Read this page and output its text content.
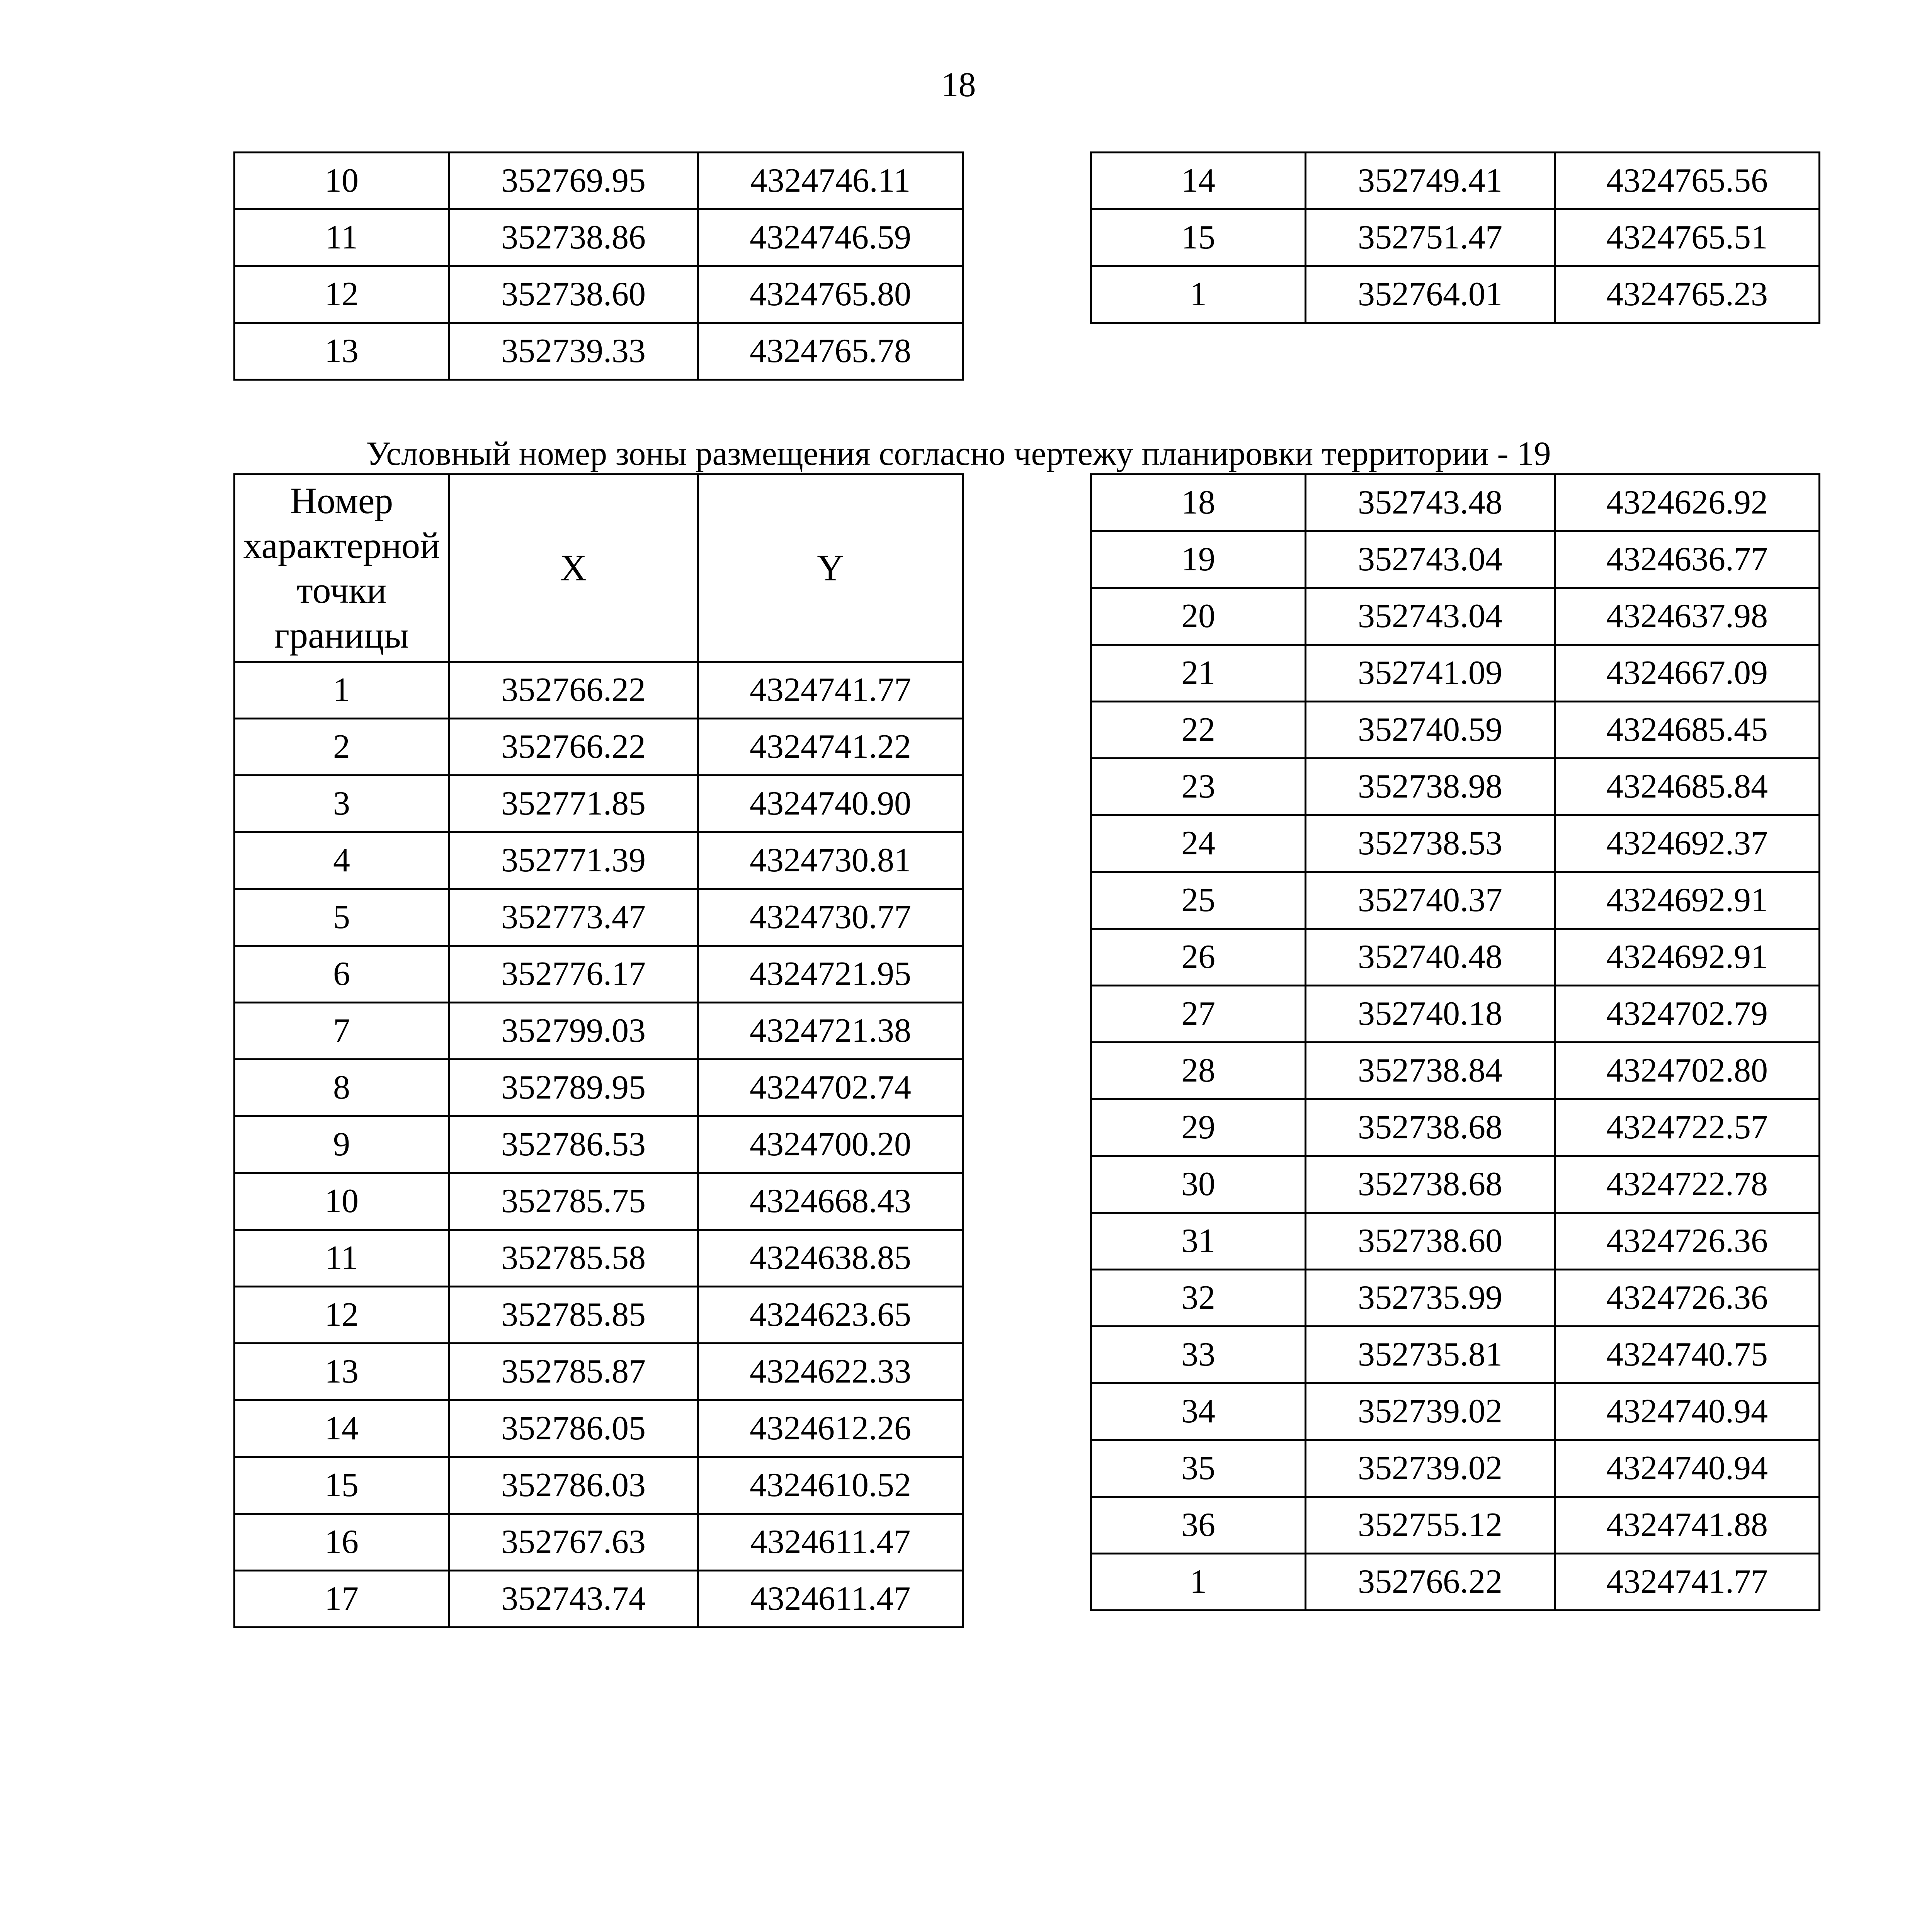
18
10	352769.95	4324746.11
11	352738.86	4324746.59
12	352738.60	4324765.80
13	352739.33	4324765.78
14	352749.41	4324765.56
15	352751.47	4324765.51
1	352764.01	4324765.23
Условный номер зоны размещения согласно чертежу планировки территории - 19
Номер характерной точки границы	X	Y
1	352766.22	4324741.77
2	352766.22	4324741.22
3	352771.85	4324740.90
4	352771.39	4324730.81
5	352773.47	4324730.77
6	352776.17	4324721.95
7	352799.03	4324721.38
8	352789.95	4324702.74
9	352786.53	4324700.20
10	352785.75	4324668.43
11	352785.58	4324638.85
12	352785.85	4324623.65
13	352785.87	4324622.33
14	352786.05	4324612.26
15	352786.03	4324610.52
16	352767.63	4324611.47
17	352743.74	4324611.47
18	352743.48	4324626.92
19	352743.04	4324636.77
20	352743.04	4324637.98
21	352741.09	4324667.09
22	352740.59	4324685.45
23	352738.98	4324685.84
24	352738.53	4324692.37
25	352740.37	4324692.91
26	352740.48	4324692.91
27	352740.18	4324702.79
28	352738.84	4324702.80
29	352738.68	4324722.57
30	352738.68	4324722.78
31	352738.60	4324726.36
32	352735.99	4324726.36
33	352735.81	4324740.75
34	352739.02	4324740.94
35	352739.02	4324740.94
36	352755.12	4324741.88
1	352766.22	4324741.77
